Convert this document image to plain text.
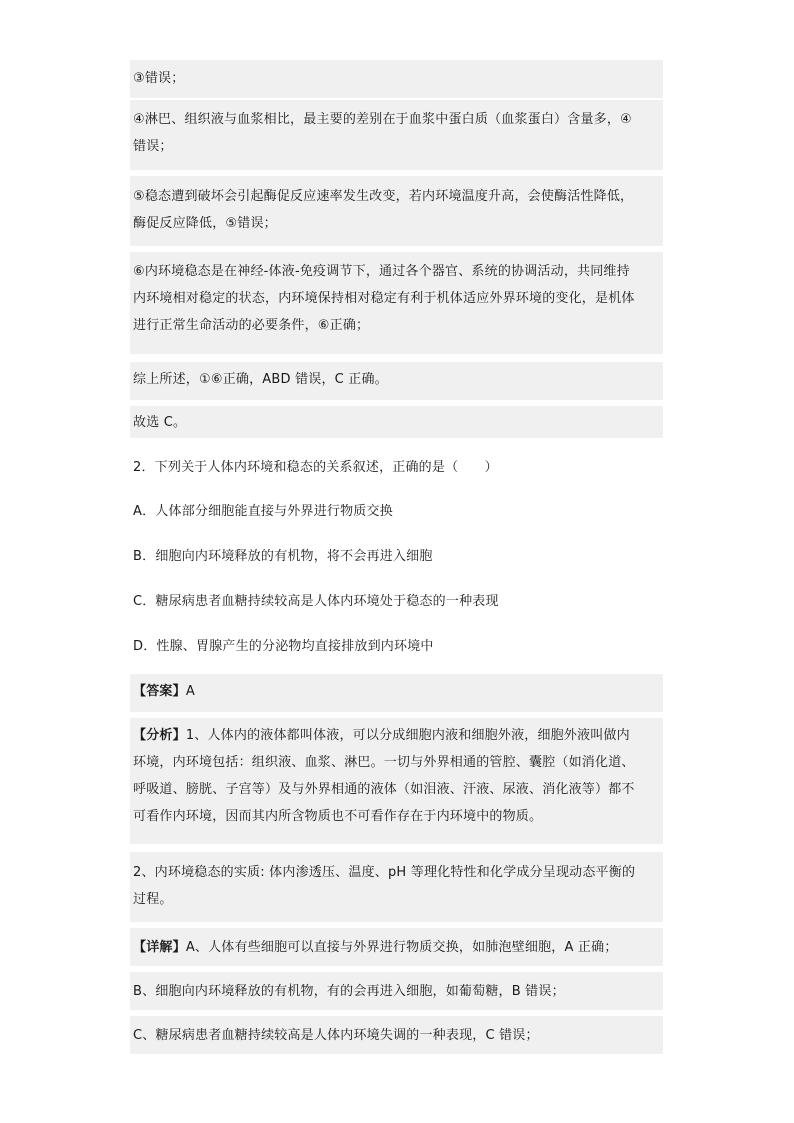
③错误；
④淋巴、组织液与血浆相比，最主要的差别在于血浆中蛋白质（血浆蛋白）含量多，④
错误；
⑤稳态遭到破坏会引起酶促反应速率发生改变，若内环境温度升高，会使酶活性降低，
酶促反应降低，⑤错误；
⑥内环境稳态是在神经-体液-免疫调节下，通过各个器官、系统的协调活动，共同维持
内环境相对稳定的状态，内环境保持相对稳定有利于机体适应外界环境的变化，是机体
进行正常生命活动的必要条件，⑥正确；
综上所述，①⑥正确，ABD 错误，C 正确。
故选 C。
2．下列关于人体内环境和稳态的关系叙述，正确的是（　　）
A．人体部分细胞能直接与外界进行物质交换
B．细胞向内环境释放的有机物，将不会再进入细胞
C．糖尿病患者血糖持续较高是人体内环境处于稳态的一种表现
D．性腺、胃腺产生的分泌物均直接排放到内环境中
【答案】A
【分析】1、人体内的液体都叫体液，可以分成细胞内液和细胞外液，细胞外液叫做内
环境，内环境包括：组织液、血浆、淋巴。一切与外界相通的管腔、囊腔（如消化道、
呼吸道、膀胱、子宫等）及与外界相通的液体（如泪液、汗液、尿液、消化液等）都不
可看作内环境，因而其内所含物质也不可看作存在于内环境中的物质。
2、内环境稳态的实质: 体内渗透压、温度、pH 等理化特性和化学成分呈现动态平衡的
过程。
【详解】A、人体有些细胞可以直接与外界进行物质交换，如肺泡壁细胞，A 正确；
B、细胞向内环境释放的有机物，有的会再进入细胞，如葡萄糖，B 错误；
C、糖尿病患者血糖持续较高是人体内环境失调的一种表现，C 错误；
